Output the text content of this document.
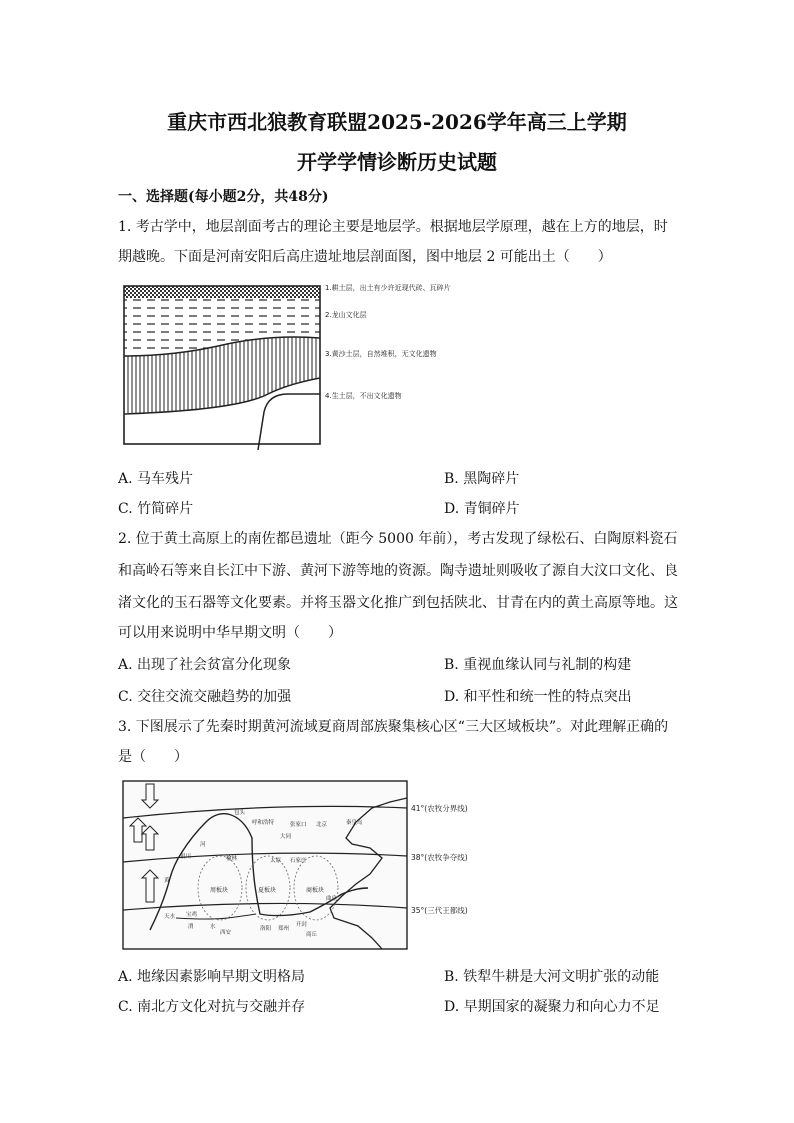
重庆市西北狼教育联盟2025-2026学年高三上学期
开学学情诊断历史试题
一、选择题(每小题2分，共48分)
1. 考古学中，地层剖面考古的理论主要是地层学。根据地层学原理，越在上方的地层，时
期越晚。下面是河南安阳后高庄遗址地层剖面图，图中地层 2 可能出土（　　）
1.耕土层，出土有少许近现代砖、瓦碎片
2.龙山文化层
3.黄沙土层，自然堆积，无文化遗物
4.生土层，不出文化遗物
A. 马车残片	B. 黑陶碎片
C. 竹简碎片	D. 青铜碎片
2. 位于黄土高原上的南佐都邑遗址（距今 5000 年前），考古发现了绿松石、白陶原料瓷石
和高岭石等来自长江中下游、黄河下游等地的资源。陶寺遗址则吸收了源自大汶口文化、良
渚文化的玉石器等文化要素。并将玉器文化推广到包括陕北、甘青在内的黄土高原等地。这
可以用来说明中华早期文明（　　）
A. 出现了社会贫富分化现象	B. 重视血缘认同与礼制的构建
C. 交往交流交融趋势的加强	D. 和平性和统一性的特点突出
3. 下图展示了先秦时期黄河流域夏商周部族聚集核心区“三大区域板块”。对此理解正确的
是（　　）
41°(农牧分界线)
38°(农牧争夺线)
35°(三代王都线)
包头
呼和浩特	张家口 北京	秦皇岛
大同
银川
河
榆林	太原 石家庄
黄
天水 宝鸡
渭	水
西安
洛阳 郑州
开封
商丘
曲阜
周板块	夏板块	商板块
A. 地缘因素影响早期文明格局	B. 铁犁牛耕是大河文明扩张的动能
C. 南北方文化对抗与交融并存	D. 早期国家的凝聚力和向心力不足
